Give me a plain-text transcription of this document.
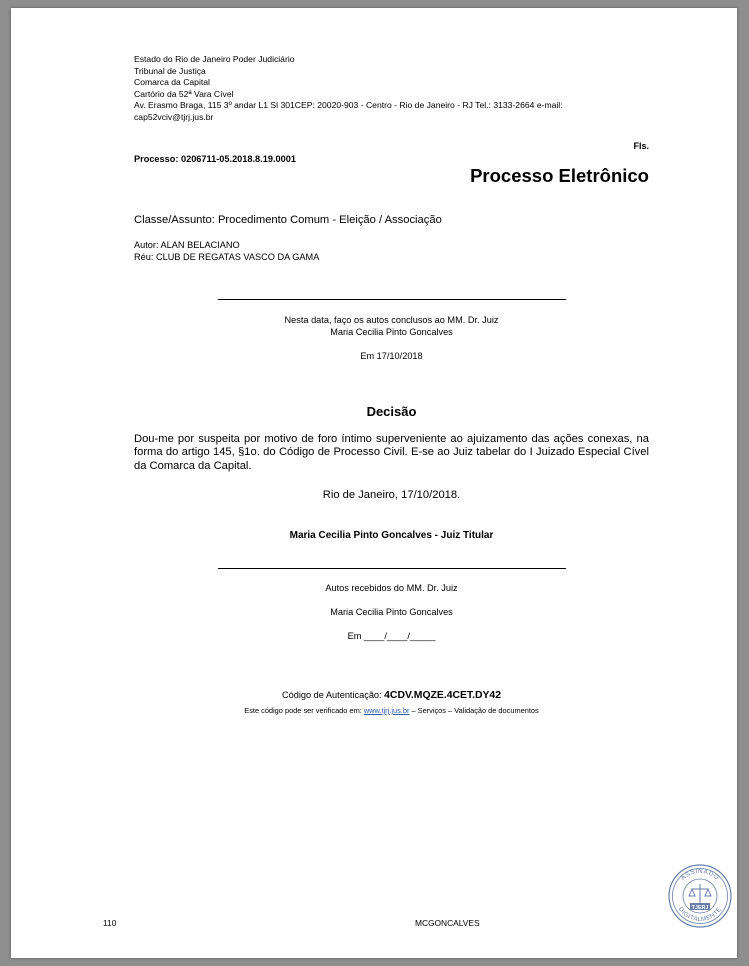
Estado do Rio de Janeiro Poder Judiciário
Tribunal de Justiça
Comarca da Capital
Cartório da 52ª Vara Cível
Av. Erasmo Braga, 115 3º andar L1 Sl 301CEP: 20020-903 - Centro - Rio de Janeiro - RJ Tel.: 3133-2664 e-mail:
cap52vciv@tjrj.jus.br
Fls.
Processo: 0206711-05.2018.8.19.0001
Processo Eletrônico
Classe/Assunto: Procedimento Comum - Eleição / Associação
Autor: ALAN BELACIANO
Réu: CLUB DE REGATAS VASCO DA GAMA
Nesta data, faço os autos conclusos ao MM. Dr. Juiz
Maria Cecilia Pinto Goncalves
Em 17/10/2018
Decisão
Dou-me por suspeita por motivo de foro íntimo superveniente ao ajuizamento das ações conexas, na forma do artigo 145, §1o. do Código de Processo Civil. E-se ao Juiz tabelar do I Juizado Especial Cível da Comarca da Capital.
Rio de Janeiro, 17/10/2018.
Maria Cecilia Pinto Goncalves - Juiz Titular
Autos recebidos do MM. Dr. Juiz
Maria Cecilia Pinto Goncalves
Em ____/____/_____
Código de Autenticação: 4CDV.MQZE.4CET.DY42
Este código pode ser verificado em: www.tjrj.jus.br – Serviços – Validação de documentos
110	MCGONCALVES
ASSINADO
DIGITALMENTE
TJERJ
